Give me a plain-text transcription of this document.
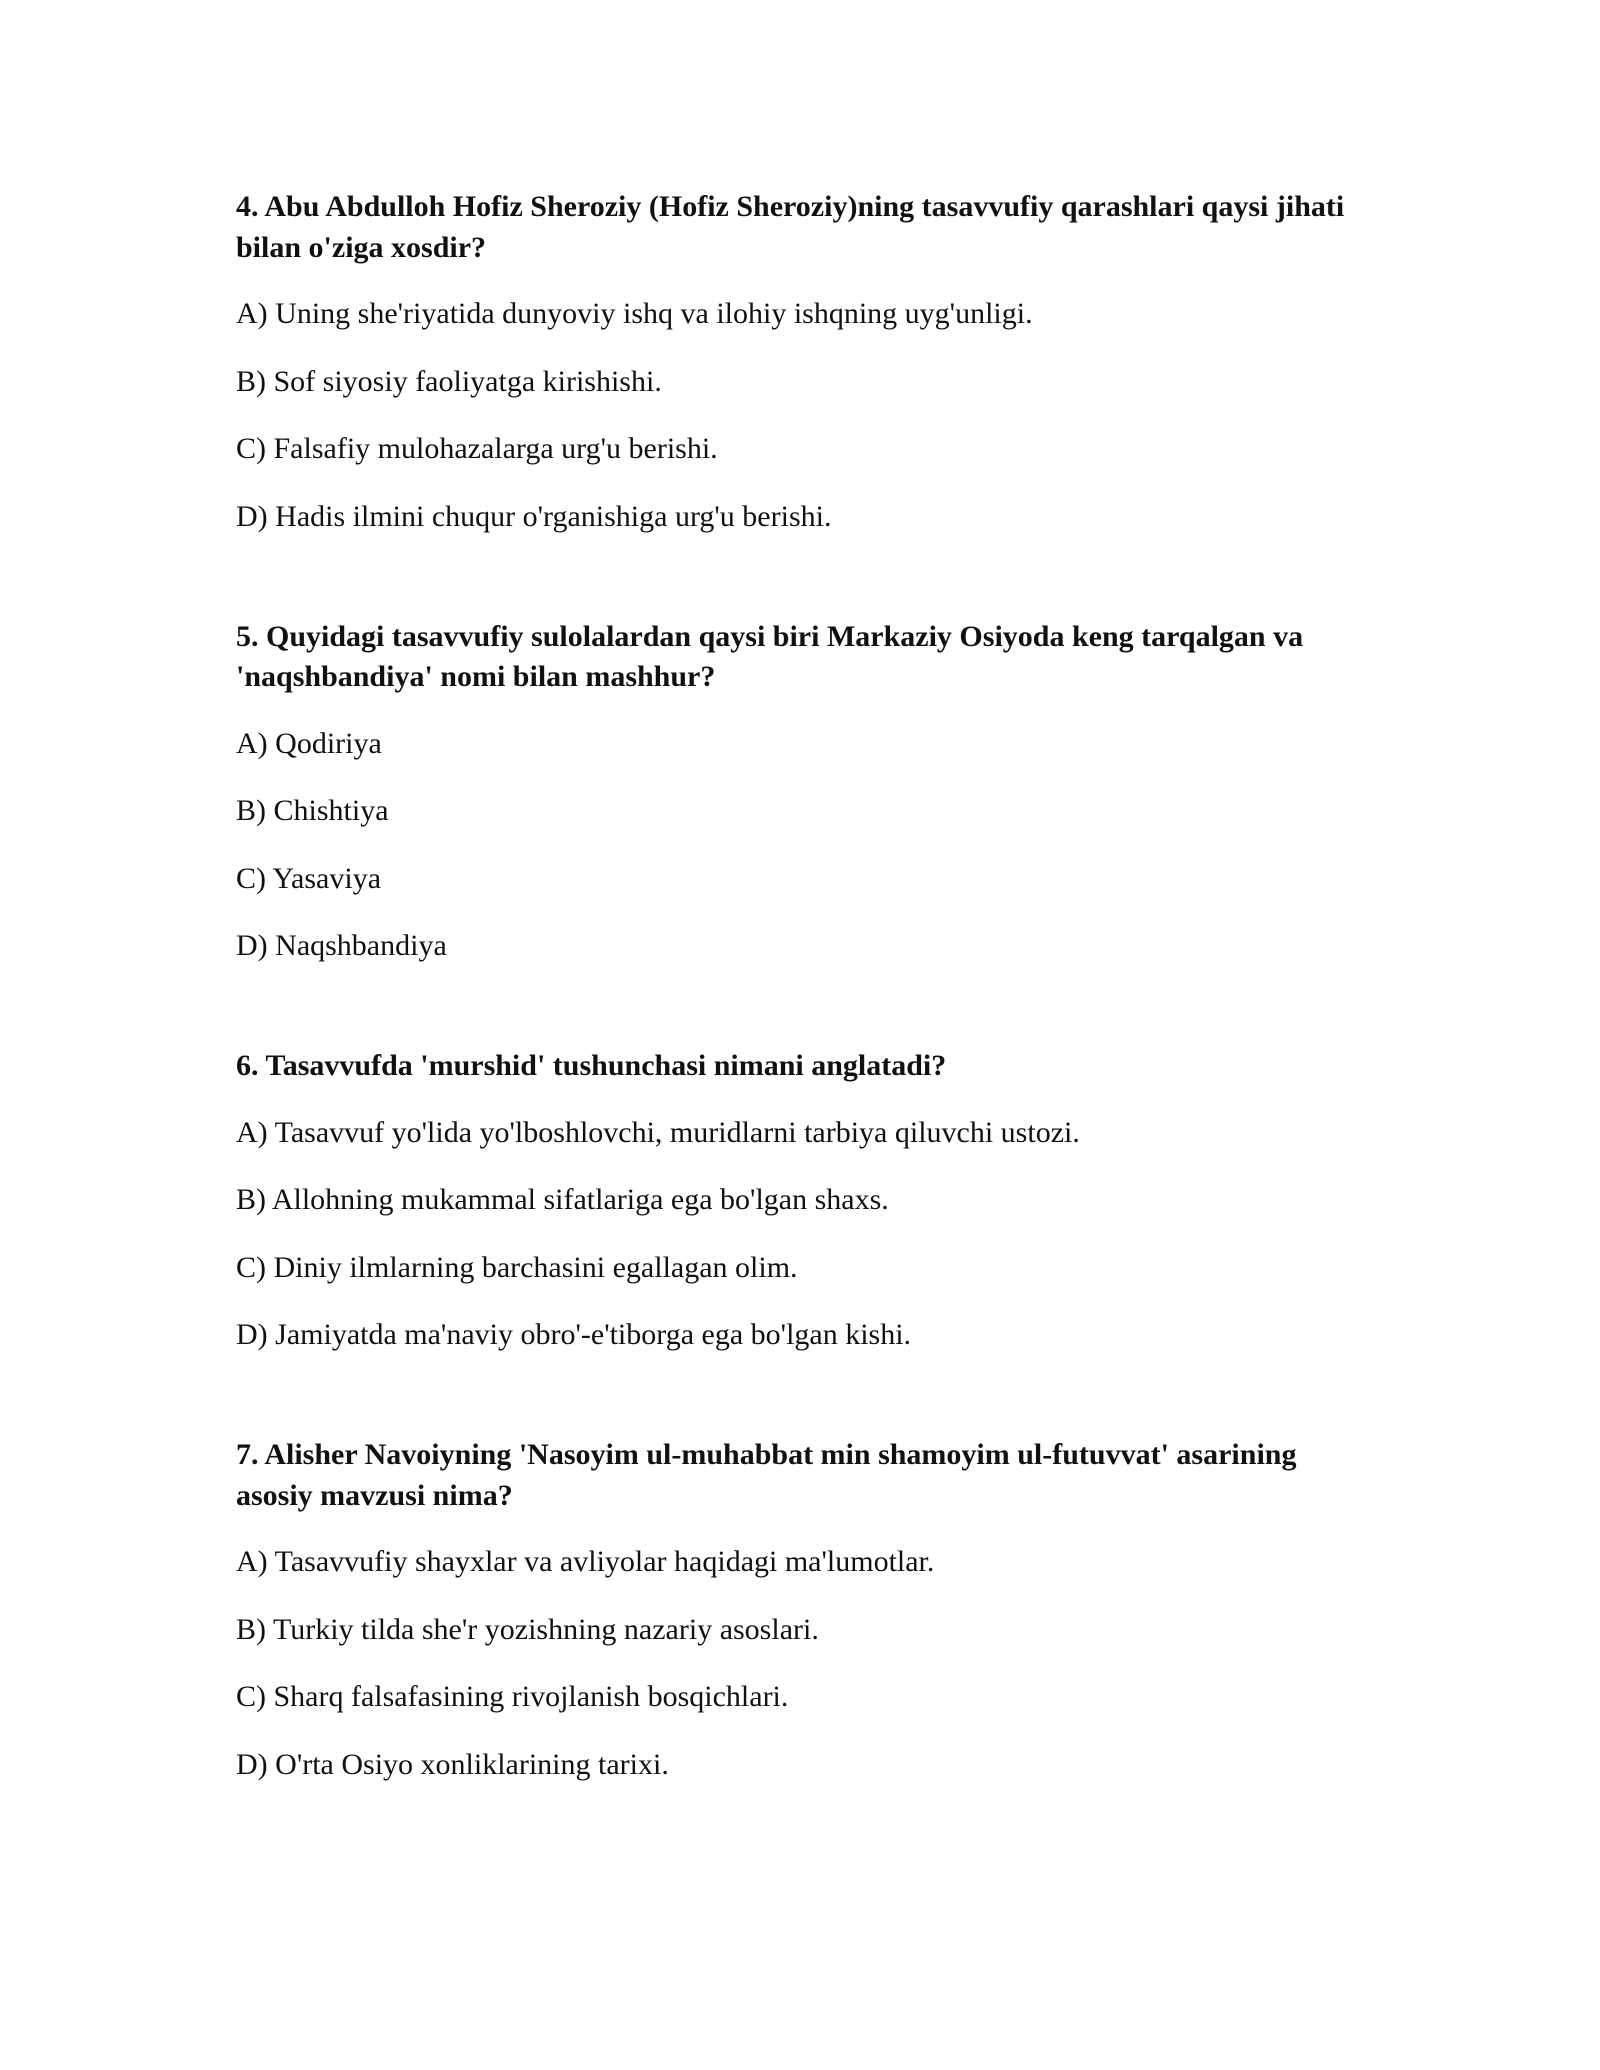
4. Abu Abdulloh Hofiz Sheroziy (Hofiz Sheroziy)ning tasavvufiy qarashlari qaysi jihati bilan o'ziga xosdir?
A) Uning she'riyatida dunyoviy ishq va ilohiy ishqning uyg'unligi.
B) Sof siyosiy faoliyatga kirishishi.
C) Falsafiy mulohazalarga urg'u berishi.
D) Hadis ilmini chuqur o'rganishiga urg'u berishi.
5. Quyidagi tasavvufiy sulolalardan qaysi biri Markaziy Osiyoda keng tarqalgan va 'naqshbandiya' nomi bilan mashhur?
A) Qodiriya
B) Chishtiya
C) Yasaviya
D) Naqshbandiya
6. Tasavvufda 'murshid' tushunchasi nimani anglatadi?
A) Tasavvuf yo'lida yo'lboshlovchi, muridlarni tarbiya qiluvchi ustozi.
B) Allohning mukammal sifatlariga ega bo'lgan shaxs.
C) Diniy ilmlarning barchasini egallagan olim.
D) Jamiyatda ma'naviy obro'-e'tiborga ega bo'lgan kishi.
7. Alisher Navoiyning 'Nasoyim ul-muhabbat min shamoyim ul-futuvvat' asarining asosiy mavzusi nima?
A) Tasavvufiy shayxlar va avliyolar haqidagi ma'lumotlar.
B) Turkiy tilda she'r yozishning nazariy asoslari.
C) Sharq falsafasining rivojlanish bosqichlari.
D) O'rta Osiyo xonliklarining tarixi.
